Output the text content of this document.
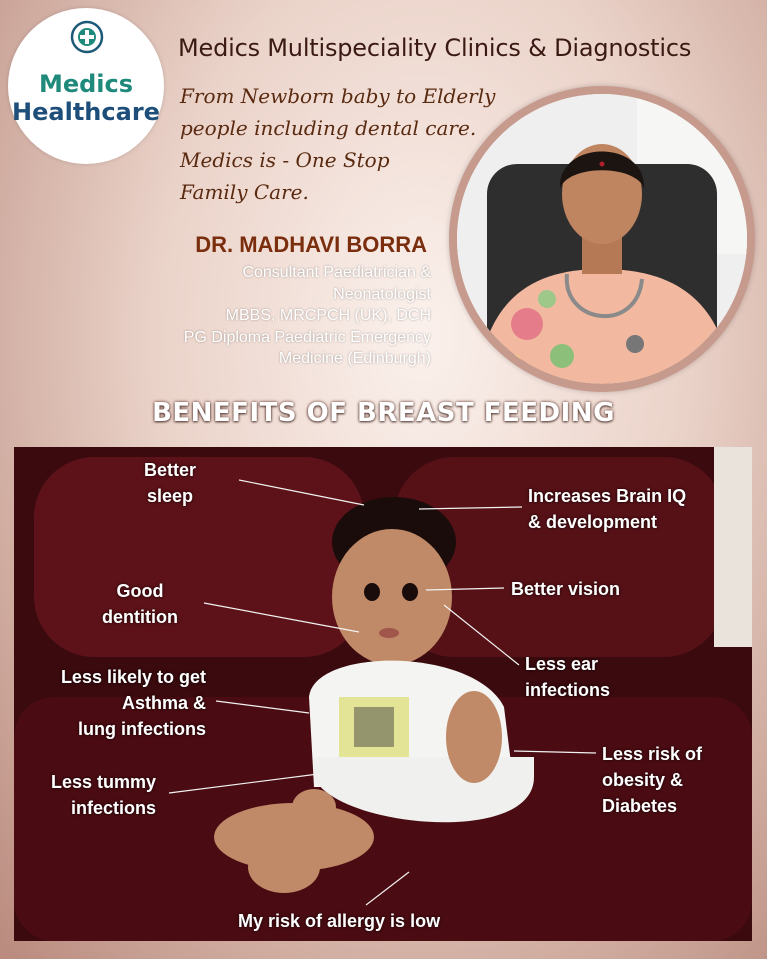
Medics
Healthcare
Medics Multispeciality Clinics & Diagnostics
From Newborn baby to Elderly
people including dental care.
Medics is - One Stop
Family Care.
DR. MADHAVI BORRA
Consultant Paediatrician &
Neonatologist
MBBS, MRCPCH (UK), DCH
PG Diploma Paediatric Emergency
Medicine (Edinburgh)
BENEFITS OF BREAST FEEDING
Better
sleep	Increases Brain IQ
& development
Good
dentition
Better vision
Less ear
infections
Less likely to get
Asthma &
lung infections
Less risk of
obesity &
Diabetes
Less tummy
infections
My risk of allergy is low
